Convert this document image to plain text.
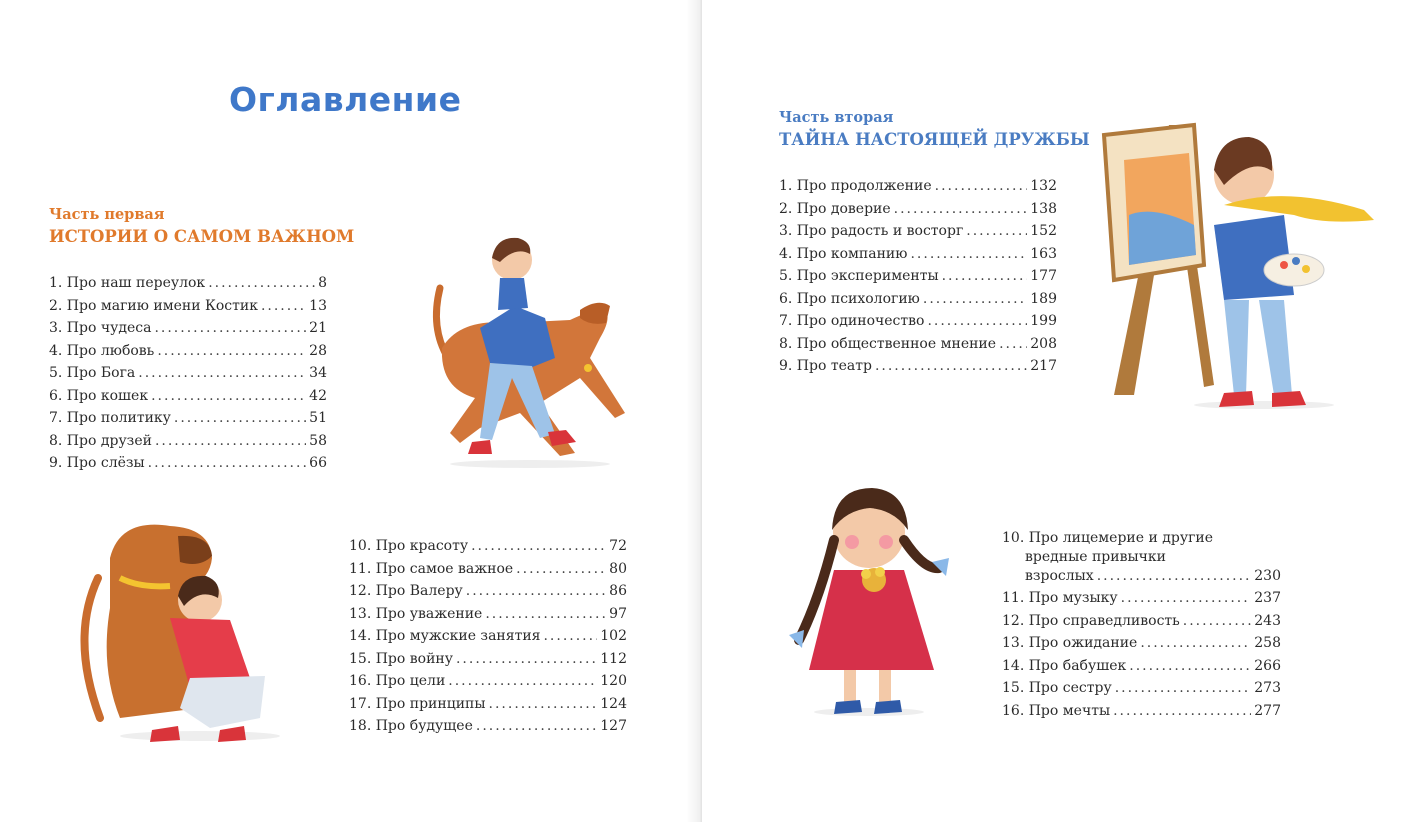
Оглавление
Часть первая
ИСТОРИИ О САМОМ ВАЖНОМ
1. Про наш переулок .....	8
2. Про магию имени Костик .....	13
3. Про чудеса .....	21
4. Про любовь .....	28
5. Про Бога .....	34
6. Про кошек .....	42
7. Про политику .....	51
8. Про друзей .....	58
9. Про слёзы .....	66
10. Про красоту .....	72
11. Про самое важное .....	80
12. Про Валеру .....	86
13. Про уважение .....	97
14. Про мужские занятия .....	102
15. Про войну .....	112
16. Про цели .....	120
17. Про принципы .....	124
18. Про будущее .....	127
Часть вторая
ТАЙНА НАСТОЯЩЕЙ ДРУЖБЫ
1. Про продолжение .....	132
2. Про доверие .....	138
3. Про радость и восторг .....	152
4. Про компанию .....	163
5. Про эксперименты .....	177
6. Про психологию .....	189
7. Про одиночество .....	199
8. Про общественное мнение ..... 208
9. Про театр .....	217
10. Про лицемерие и другие
вредные привычки
взрослых .....	230
11. Про музыку .....	237
12. Про справедливость .....	243
13. Про ожидание .....	258
14. Про бабушек .....	266
15. Про сестру .....	273
16. Про мечты .....	277
